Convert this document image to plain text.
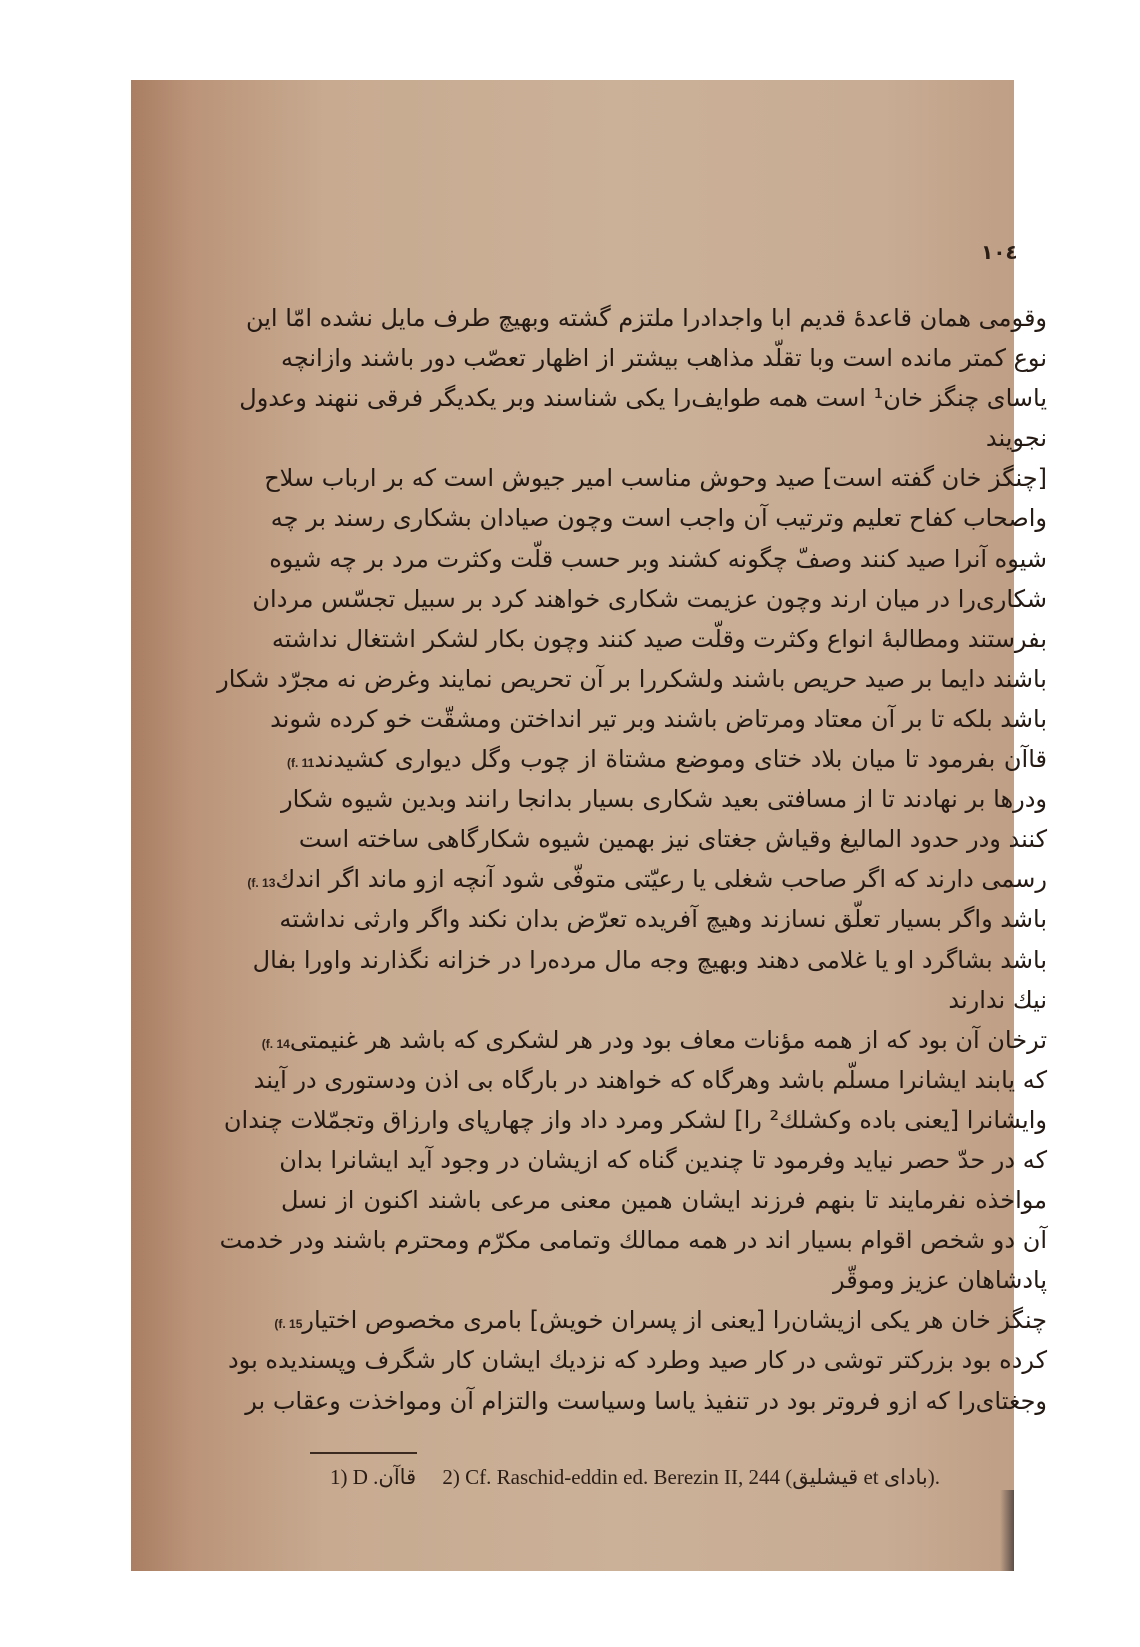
١٠٤
وقومی همان قاعدهٔ قدیم ابا واجدادرا ملتزم گشته وبهیچ طرف مایل نشده امّا این
نوع کمتر مانده است وبا تقلّد مذاهب بیشتر از اظهار تعصّب دور باشند وازانچه
یاسای چنگز خان¹ است همه طوایف‌را یکی شناسند وبر یکدیگر فرقی ننهند وعدول
نجویند
[چنگز خان گفته است] صید وحوش مناسب امیر جیوش است که بر ارباب سلاح
واصحاب کفاح تعلیم وترتیب آن واجب است وچون صیادان بشکاری رسند بر چه
شیوه آنرا صید کنند وصفّ چگونه کشند وبر حسب قلّت وکثرت مرد بر چه شیوه
شکاری‌را در میان ارند وچون عزیمت شکاری خواهند کرد بر سبیل تجسّس مردان
بفرستند ومطالبهٔ انواع وکثرت وقلّت صید کنند وچون بکار لشکر اشتغال نداشته
باشند دایما بر صید حریص باشند ولشکررا بر آن تحریص نمایند وغرض نه مجرّد شکار
باشد بلکه تا بر آن معتاد ومرتاض باشند وبر تیر انداختن ومشقّت خو کرده شوند
قاآن بفرمود تا میان بلاد ختای وموضع مشتاة از چوب وگل دیواری کشیدند(f. 11
ودرها بر نهادند تا از مسافتی بعید شکاری بسیار بدانجا رانند وبدین شیوه شکار
کنند ودر حدود المالیغ وقیاش جغتای نیز بهمین شیوه شکارگاهی ساخته است
رسمی دارند که اگر صاحب شغلی یا رعیّتی متوفّی شود آنچه ازو ماند اگر اندك(f. 13
باشد واگر بسیار تعلّق نسازند وهیچ آفریده تعرّض بدان نکند واگر وارثی نداشته
باشد بشاگرد او یا غلامی دهند وبهیچ وجه مال مرده‌را در خزانه نگذارند واورا بفال
نیك ندارند
ترخان آن بود که از همه مؤنات معاف بود ودر هر لشکری که باشد هر غنیمتی(f. 14
که یابند ایشانرا مسلّم باشد وهرگاه که خواهند در بارگاه بی اذن ودستوری در آیند
وایشانرا [یعنی باده وکشلك² را] لشکر ومرد داد واز چهارپای وارزاق وتجمّلات چندان
که در حدّ حصر نیاید وفرمود تا چندین گناه که ازیشان در وجود آید ایشانرا بدان
مواخذه نفرمایند تا بنهم فرزند ایشان همین معنی مرعی باشند اکنون از نسل
آن دو شخص اقوام بسیار اند در همه ممالك وتمامی مکرّم ومحترم باشند ودر خدمت
پادشاهان عزیز وموقّر
چنگز خان هر یکی ازیشان‌را [یعنی از پسران خویش] بامری مخصوص اختیار(f. 15
کرده بود بزرکتر توشی در کار صید وطرد که نزدیك ایشان کار شگرف وپسندیده بود
وجغتای‌را که ازو فروتر بود در تنفیذ یاسا وسیاست والتزام آن ومواخذت وعقاب بر
1) D قاآن. 2) Cf. Raschid-eddin ed. Berezin II, 244 (قیشلیق et بادای).
